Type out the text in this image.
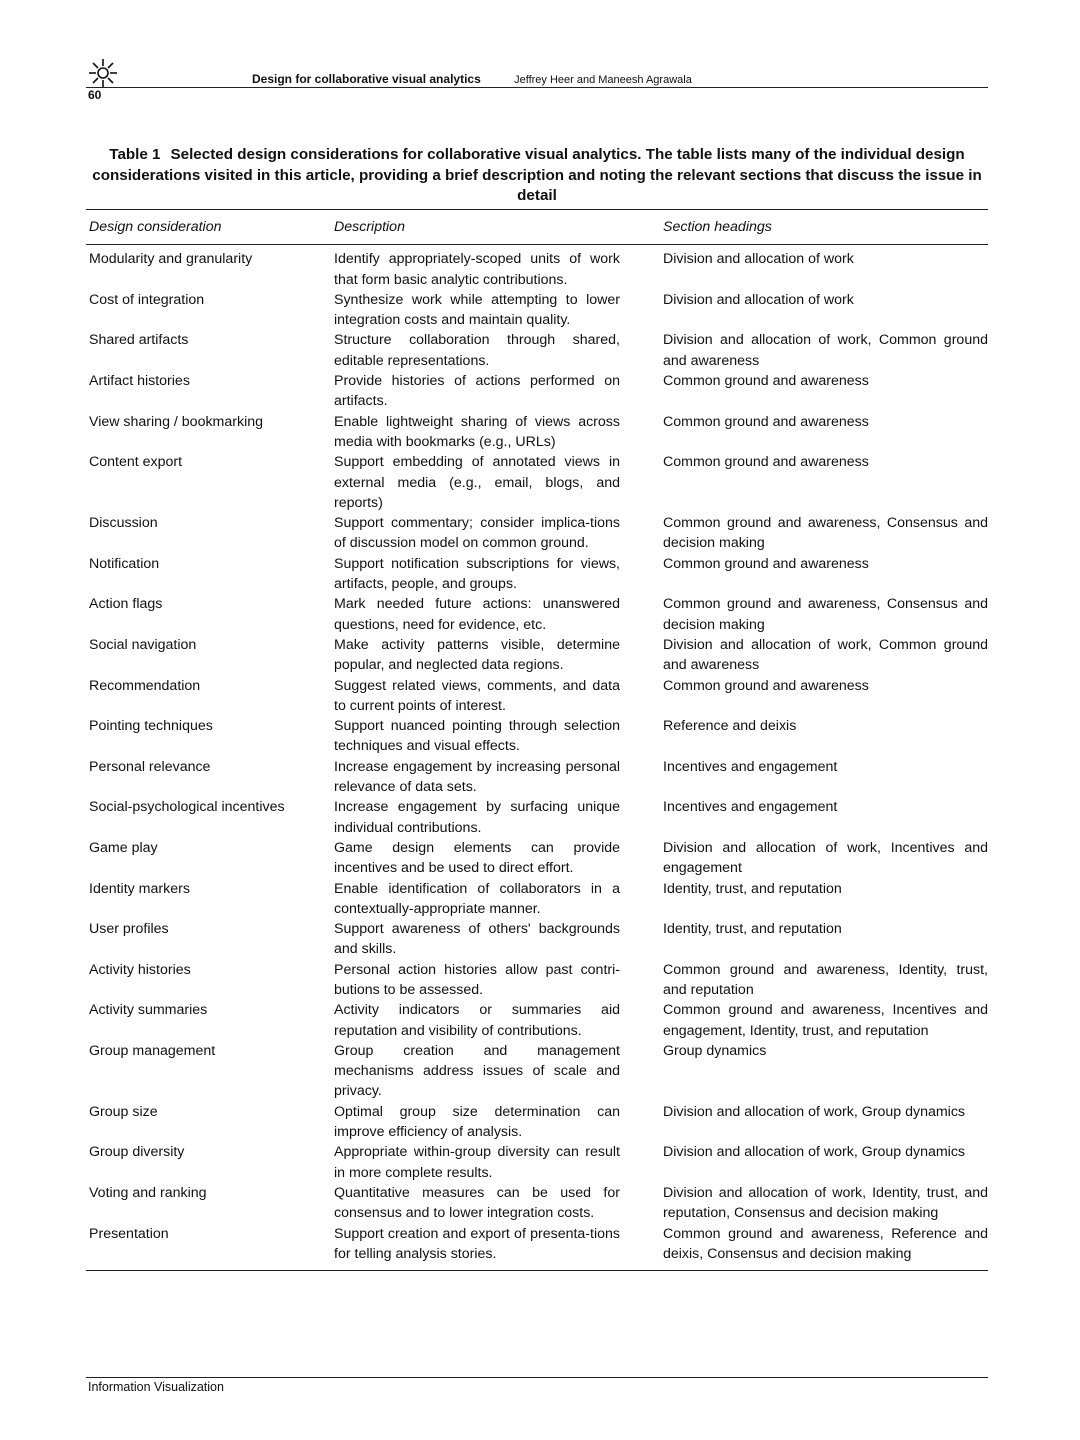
60
Design for collaborative visual analytics	Jeffrey Heer and Maneesh Agrawala
Table 1 Selected design considerations for collaborative visual analytics. The table lists many of the individual design considerations visited in this article, providing a brief description and noting the relevant sections that discuss the issue in detail
Design consideration	Description	Section headings
Modularity and granularity	Identify appropriately-scoped units of work that form basic analytic contributions.	Division and allocation of work
Cost of integration	Synthesize work while attempting to lower integration costs and maintain quality.	Division and allocation of work
Shared artifacts	Structure collaboration through shared, editable representations.	Division and allocation of work, Common ground and awareness
Artifact histories	Provide histories of actions performed on artifacts.	Common ground and awareness
View sharing / bookmarking	Enable lightweight sharing of views across media with bookmarks (e.g., URLs)	Common ground and awareness
Content export	Support embedding of annotated views in external media (e.g., email, blogs, and reports)	Common ground and awareness
Discussion	Support commentary; consider implica-tions of discussion model on common ground.	Common ground and awareness, Consensus and decision making
Notification	Support notification subscriptions for views, artifacts, people, and groups.	Common ground and awareness
Action flags	Mark needed future actions: unanswered questions, need for evidence, etc.	Common ground and awareness, Consensus and decision making
Social navigation	Make activity patterns visible, determine popular, and neglected data regions.	Division and allocation of work, Common ground and awareness
Recommendation	Suggest related views, comments, and data to current points of interest.	Common ground and awareness
Pointing techniques	Support nuanced pointing through selection techniques and visual effects.	Reference and deixis
Personal relevance	Increase engagement by increasing personal relevance of data sets.	Incentives and engagement
Social-psychological incentives	Increase engagement by surfacing unique individual contributions.	Incentives and engagement
Game play	Game design elements can provide incentives and be used to direct effort.	Division and allocation of work, Incentives and engagement
Identity markers	Enable identification of collaborators in a contextually-appropriate manner.	Identity, trust, and reputation
User profiles	Support awareness of others' backgrounds and skills.	Identity, trust, and reputation
Activity histories	Personal action histories allow past contri-butions to be assessed.	Common ground and awareness, Identity, trust, and reputation
Activity summaries	Activity indicators or summaries aid reputation and visibility of contributions.	Common ground and awareness, Incentives and engagement, Identity, trust, and reputation
Group management	Group creation and management mechanisms address issues of scale and privacy.	Group dynamics
Group size	Optimal group size determination can improve efficiency of analysis.	Division and allocation of work, Group dynamics
Group diversity	Appropriate within-group diversity can result in more complete results.	Division and allocation of work, Group dynamics
Voting and ranking	Quantitative measures can be used for consensus and to lower integration costs.	Division and allocation of work, Identity, trust, and reputation, Consensus and decision making
Presentation	Support creation and export of presenta-tions for telling analysis stories.	Common ground and awareness, Reference and deixis, Consensus and decision making
Information Visualization
